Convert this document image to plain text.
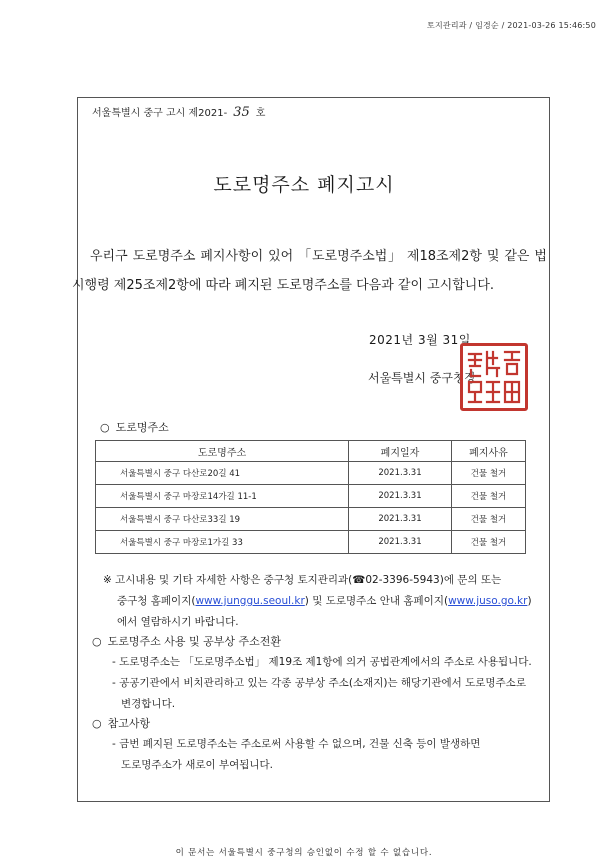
토지관리과 / 임경순 / 2021-03-26 15:46:50
서울특별시 중구 고시 제2021- 35 호
도로명주소 폐지고시

우리구 도로명주소 폐지사항이 있어 「도로명주소법」 제18조제2항 및 같은 법 시행령 제25조제2항에 따라 폐지된 도로명주소를 다음과 같이 고시합니다.

2021년 3월 31일
서울특별시 중구청장
○ 도로명주소
도로명주소	폐지일자	폐지사유
서울특별시 중구 다산로20길 41	2021.3.31	건물 철거
서울특별시 중구 마장로14가길 11-1	2021.3.31	건물 철거
서울특별시 중구 다산로33길 19	2021.3.31	건물 철거
서울특별시 중구 마장로1가길 33	2021.3.31	건물 철거
※ 고시내용 및 기타 자세한 사항은 중구청 토지관리과(☎02-3396-5943)에 문의 또는
중구청 홈페이지(www.junggu.seoul.kr) 및 도로명주소 안내 홈페이지(www.juso.go.kr)
에서 열람하시기 바랍니다.
○ 도로명주소 사용 및 공부상 주소전환
- 도로명주소는 「도로명주소법」 제19조 제1항에 의거 공법관계에서의 주소로 사용됩니다.
- 공공기관에서 비치관리하고 있는 각종 공부상 주소(소재지)는 해당기관에서 도로명주소로
변경합니다.
○ 참고사항
- 금번 폐지된 도로명주소는 주소로써 사용할 수 없으며, 건물 신축 등이 발생하면
도로명주소가 새로이 부여됩니다.
이 문서는 서울특별시 중구청의 승인없이 수정 할 수 없습니다.
